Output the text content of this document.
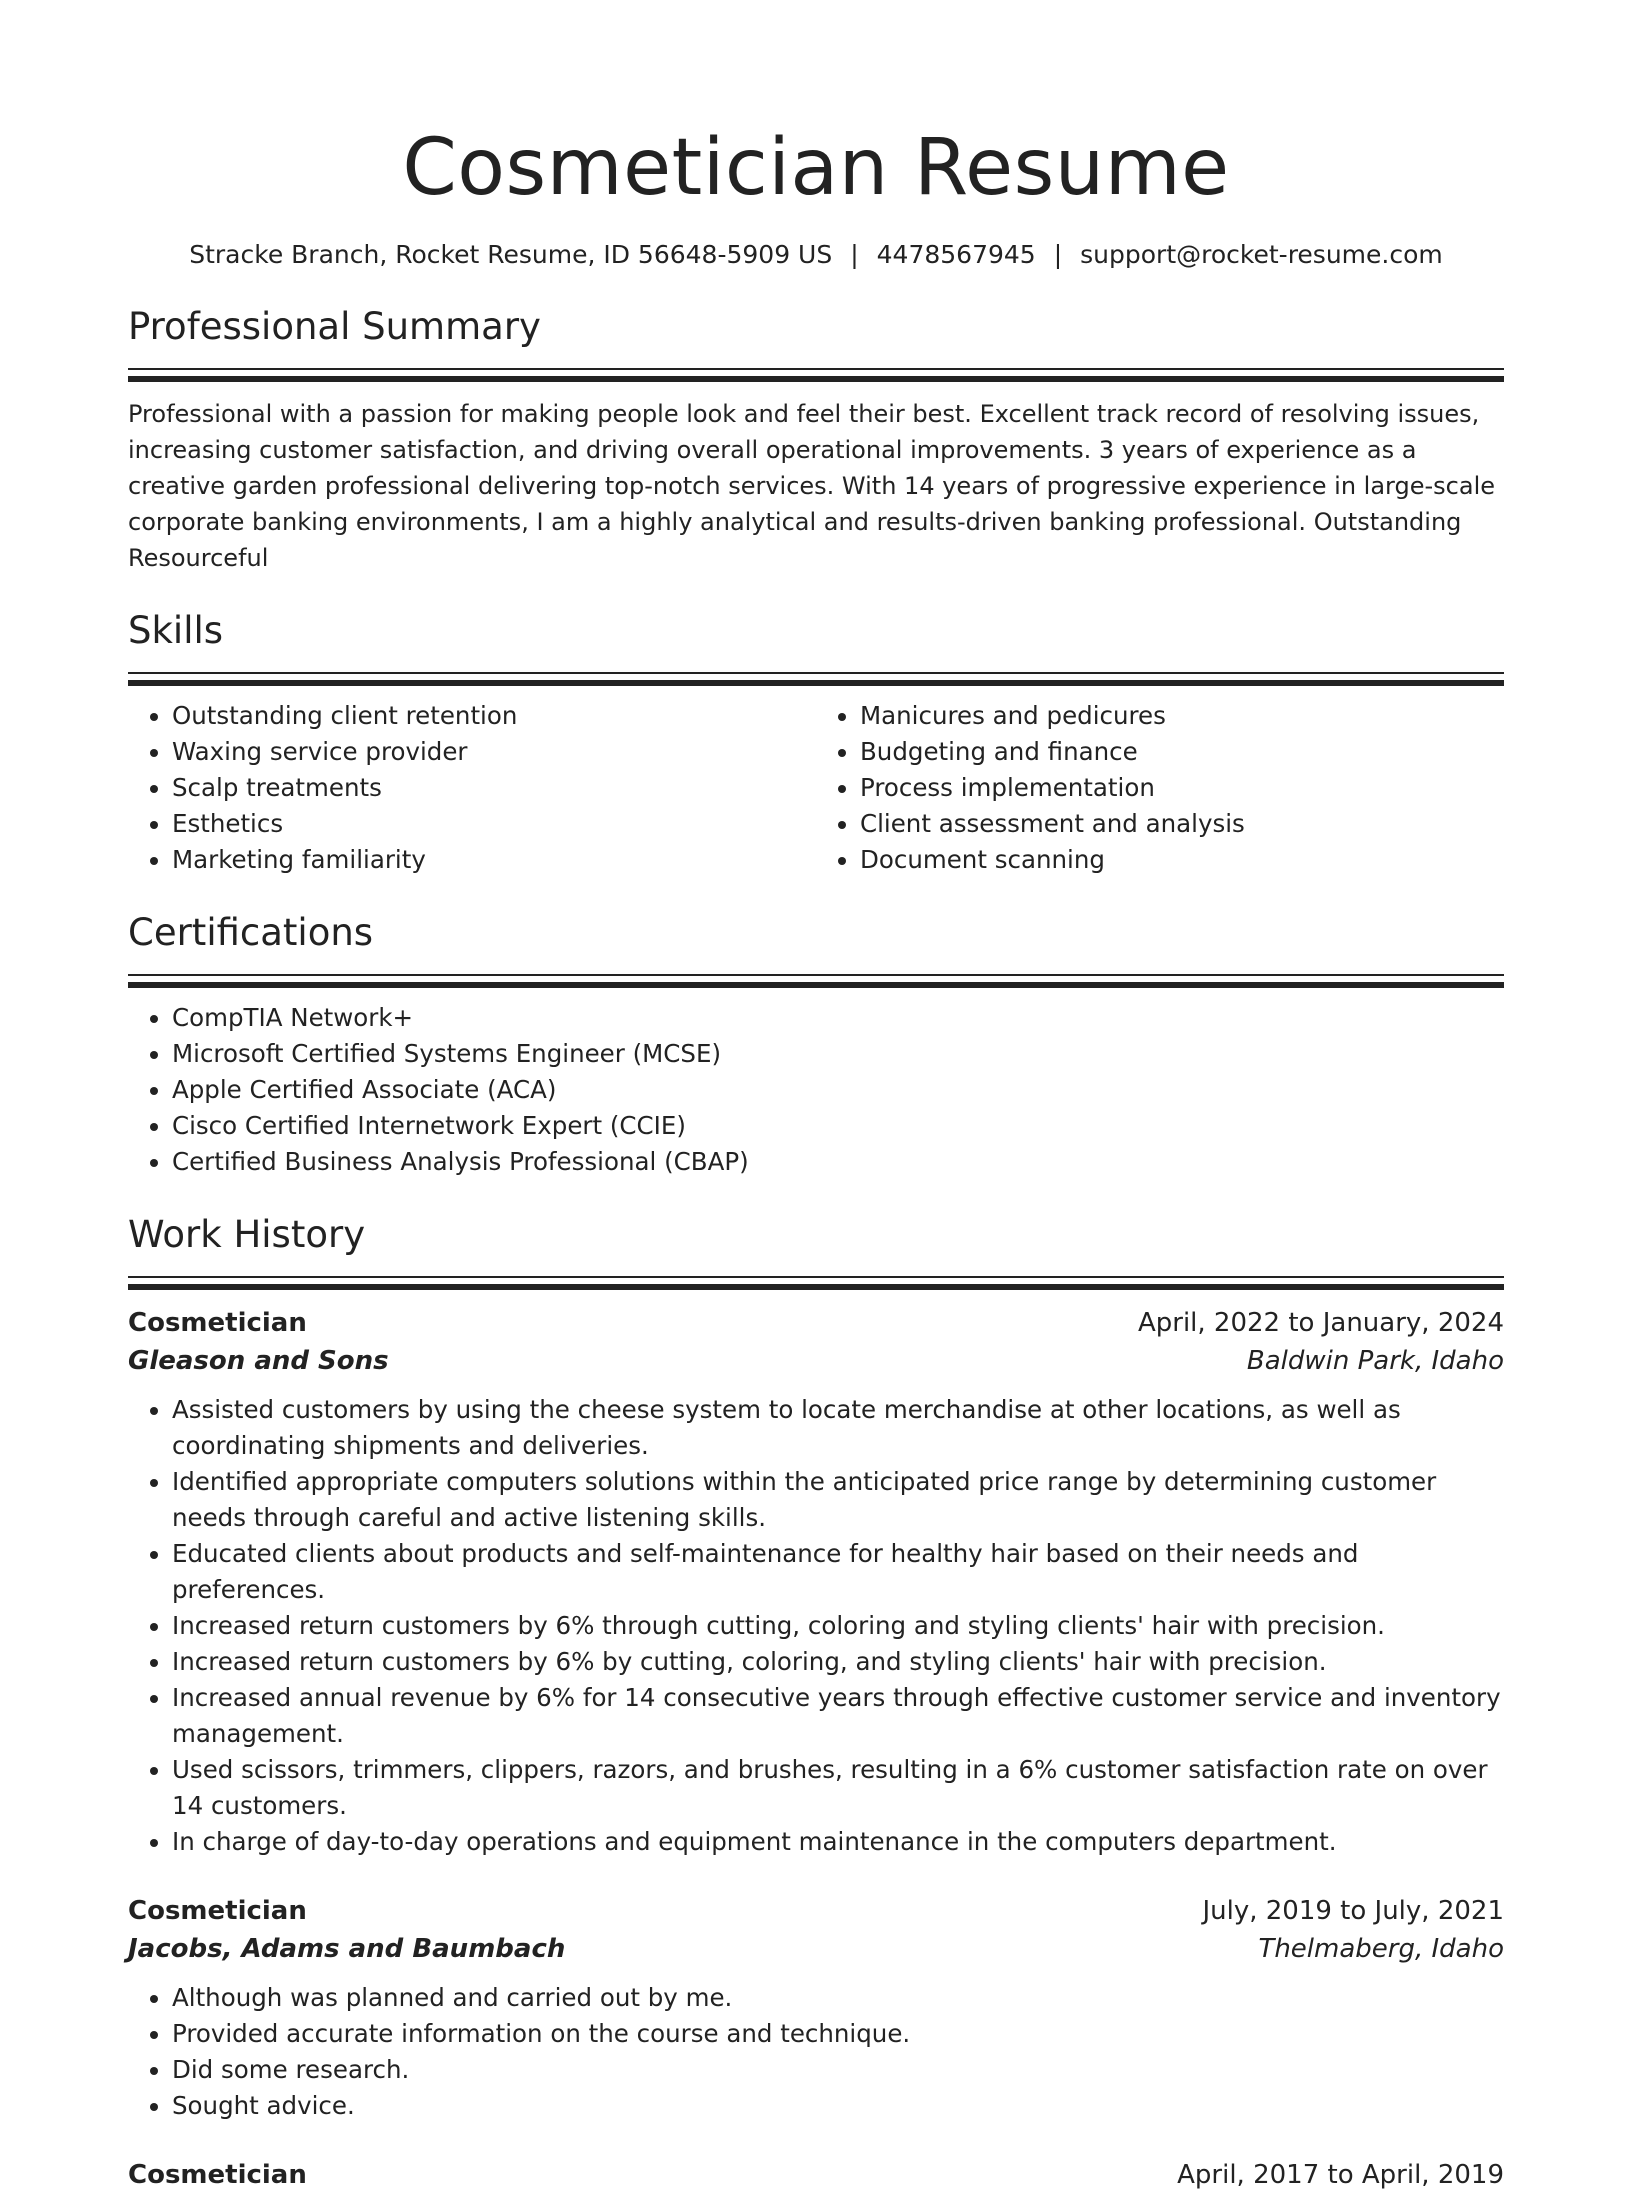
Cosmetician Resume
Stracke Branch, Rocket Resume, ID 56648-5909 US | 4478567945 | support@rocket-resume.com
Professional Summary

Professional with a passion for making people look and feel their best. Excellent track record of resolving issues, increasing customer satisfaction, and driving overall operational improvements. 3 years of experience as a creative garden professional delivering top-notch services. With 14 years of progressive experience in large-scale corporate banking environments, I am a highly analytical and results-driven banking professional. Outstanding Resourceful

Skills
• Outstanding client retention
• Waxing service provider
• Scalp treatments
• Esthetics
• Marketing familiarity
• Manicures and pedicures
• Budgeting and finance
• Process implementation
• Client assessment and analysis
• Document scanning
Certifications
• CompTIA Network+
• Microsoft Certified Systems Engineer (MCSE)
• Apple Certified Associate (ACA)
• Cisco Certified Internetwork Expert (CCIE)
• Certified Business Analysis Professional (CBAP)
Work History
Cosmetician	April, 2022 to January, 2024
Gleason and Sons	Baldwin Park, Idaho
• Assisted customers by using the cheese system to locate merchandise at other locations, as well as coordinating shipments and deliveries.
• Identified appropriate computers solutions within the anticipated price range by determining customer needs through careful and active listening skills.
• Educated clients about products and self-maintenance for healthy hair based on their needs and preferences.
• Increased return customers by 6% through cutting, coloring and styling clients' hair with precision.
• Increased return customers by 6% by cutting, coloring, and styling clients' hair with precision.
• Increased annual revenue by 6% for 14 consecutive years through effective customer service and inventory management.
• Used scissors, trimmers, clippers, razors, and brushes, resulting in a 6% customer satisfaction rate on over 14 customers.
• In charge of day-to-day operations and equipment maintenance in the computers department.
Cosmetician	July, 2019 to July, 2021
Jacobs, Adams and Baumbach	Thelmaberg, Idaho
• Although was planned and carried out by me.
• Provided accurate information on the course and technique.
• Did some research.
• Sought advice.
Cosmetician	April, 2017 to April, 2019
